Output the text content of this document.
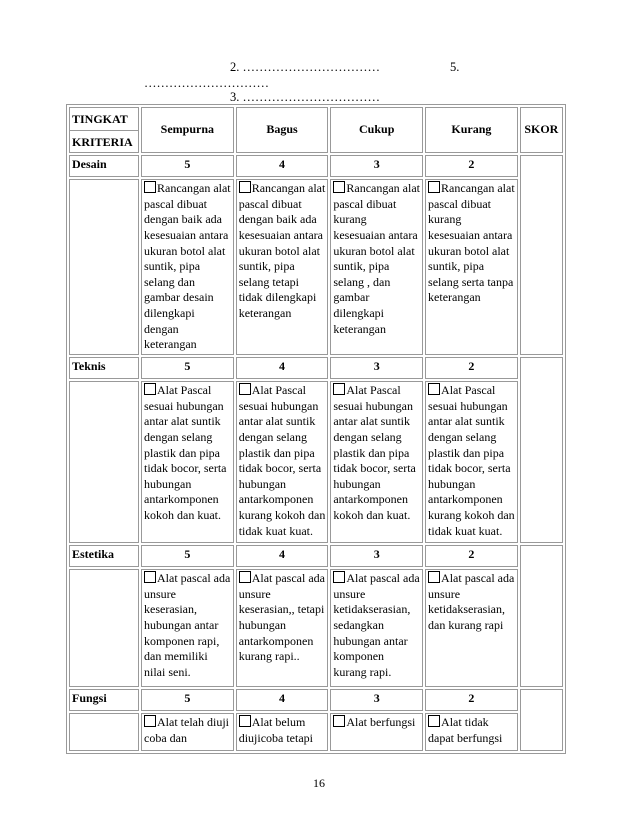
2. ……………………………	5.
…………………………
3. ……………………………
TINGKAT
KRITERIA	Sempurna	Bagus	Cukup	Kurang	SKOR
Desain	5	4	3	2	
	Rancangan alat pascal dibuat dengan baik ada kesesuaian antara ukuran botol alat suntik, pipa selang dan gambar desain dilengkapi dengan keterangan	Rancangan alat pascal dibuat dengan baik ada kesesuaian antara ukuran botol alat suntik, pipa selang tetapi tidak dilengkapi keterangan	Rancangan alat pascal dibuat kurang kesesuaian antara ukuran botol alat suntik, pipa selang , dan gambar dilengkapi keterangan	Rancangan alat pascal dibuat kurang kesesuaian antara ukuran botol alat suntik, pipa selang serta tanpa keterangan	
Teknis	5	4	3	2	
	Alat Pascal sesuai hubungan antar alat suntik dengan selang plastik dan pipa tidak bocor, serta hubungan antarkomponen kokoh dan kuat.	Alat Pascal sesuai hubungan antar alat suntik dengan selang plastik dan pipa tidak bocor, serta hubungan antarkomponen kurang kokoh dan tidak kuat kuat.	Alat Pascal sesuai hubungan antar alat suntik dengan selang plastik dan pipa tidak bocor, serta hubungan antarkomponen kokoh dan kuat.	Alat Pascal sesuai hubungan antar alat suntik dengan selang plastik dan pipa tidak bocor, serta hubungan antarkomponen kurang kokoh dan tidak kuat kuat.	
Estetika	5	4	3	2	
	Alat pascal ada unsure keserasian, hubungan antar komponen rapi, dan memiliki nilai seni.	Alat pascal ada unsure keserasian,, tetapi hubungan antarkomponen kurang rapi..	Alat pascal ada unsure ketidakserasian, sedangkan hubungan antar komponen kurang rapi.	Alat pascal ada unsure ketidakserasian, dan kurang rapi	
Fungsi	5	4	3	2	
	Alat telah diuji coba dan	Alat belum diujicoba tetapi	Alat berfungsi	Alat tidak dapat berfungsi	
16
